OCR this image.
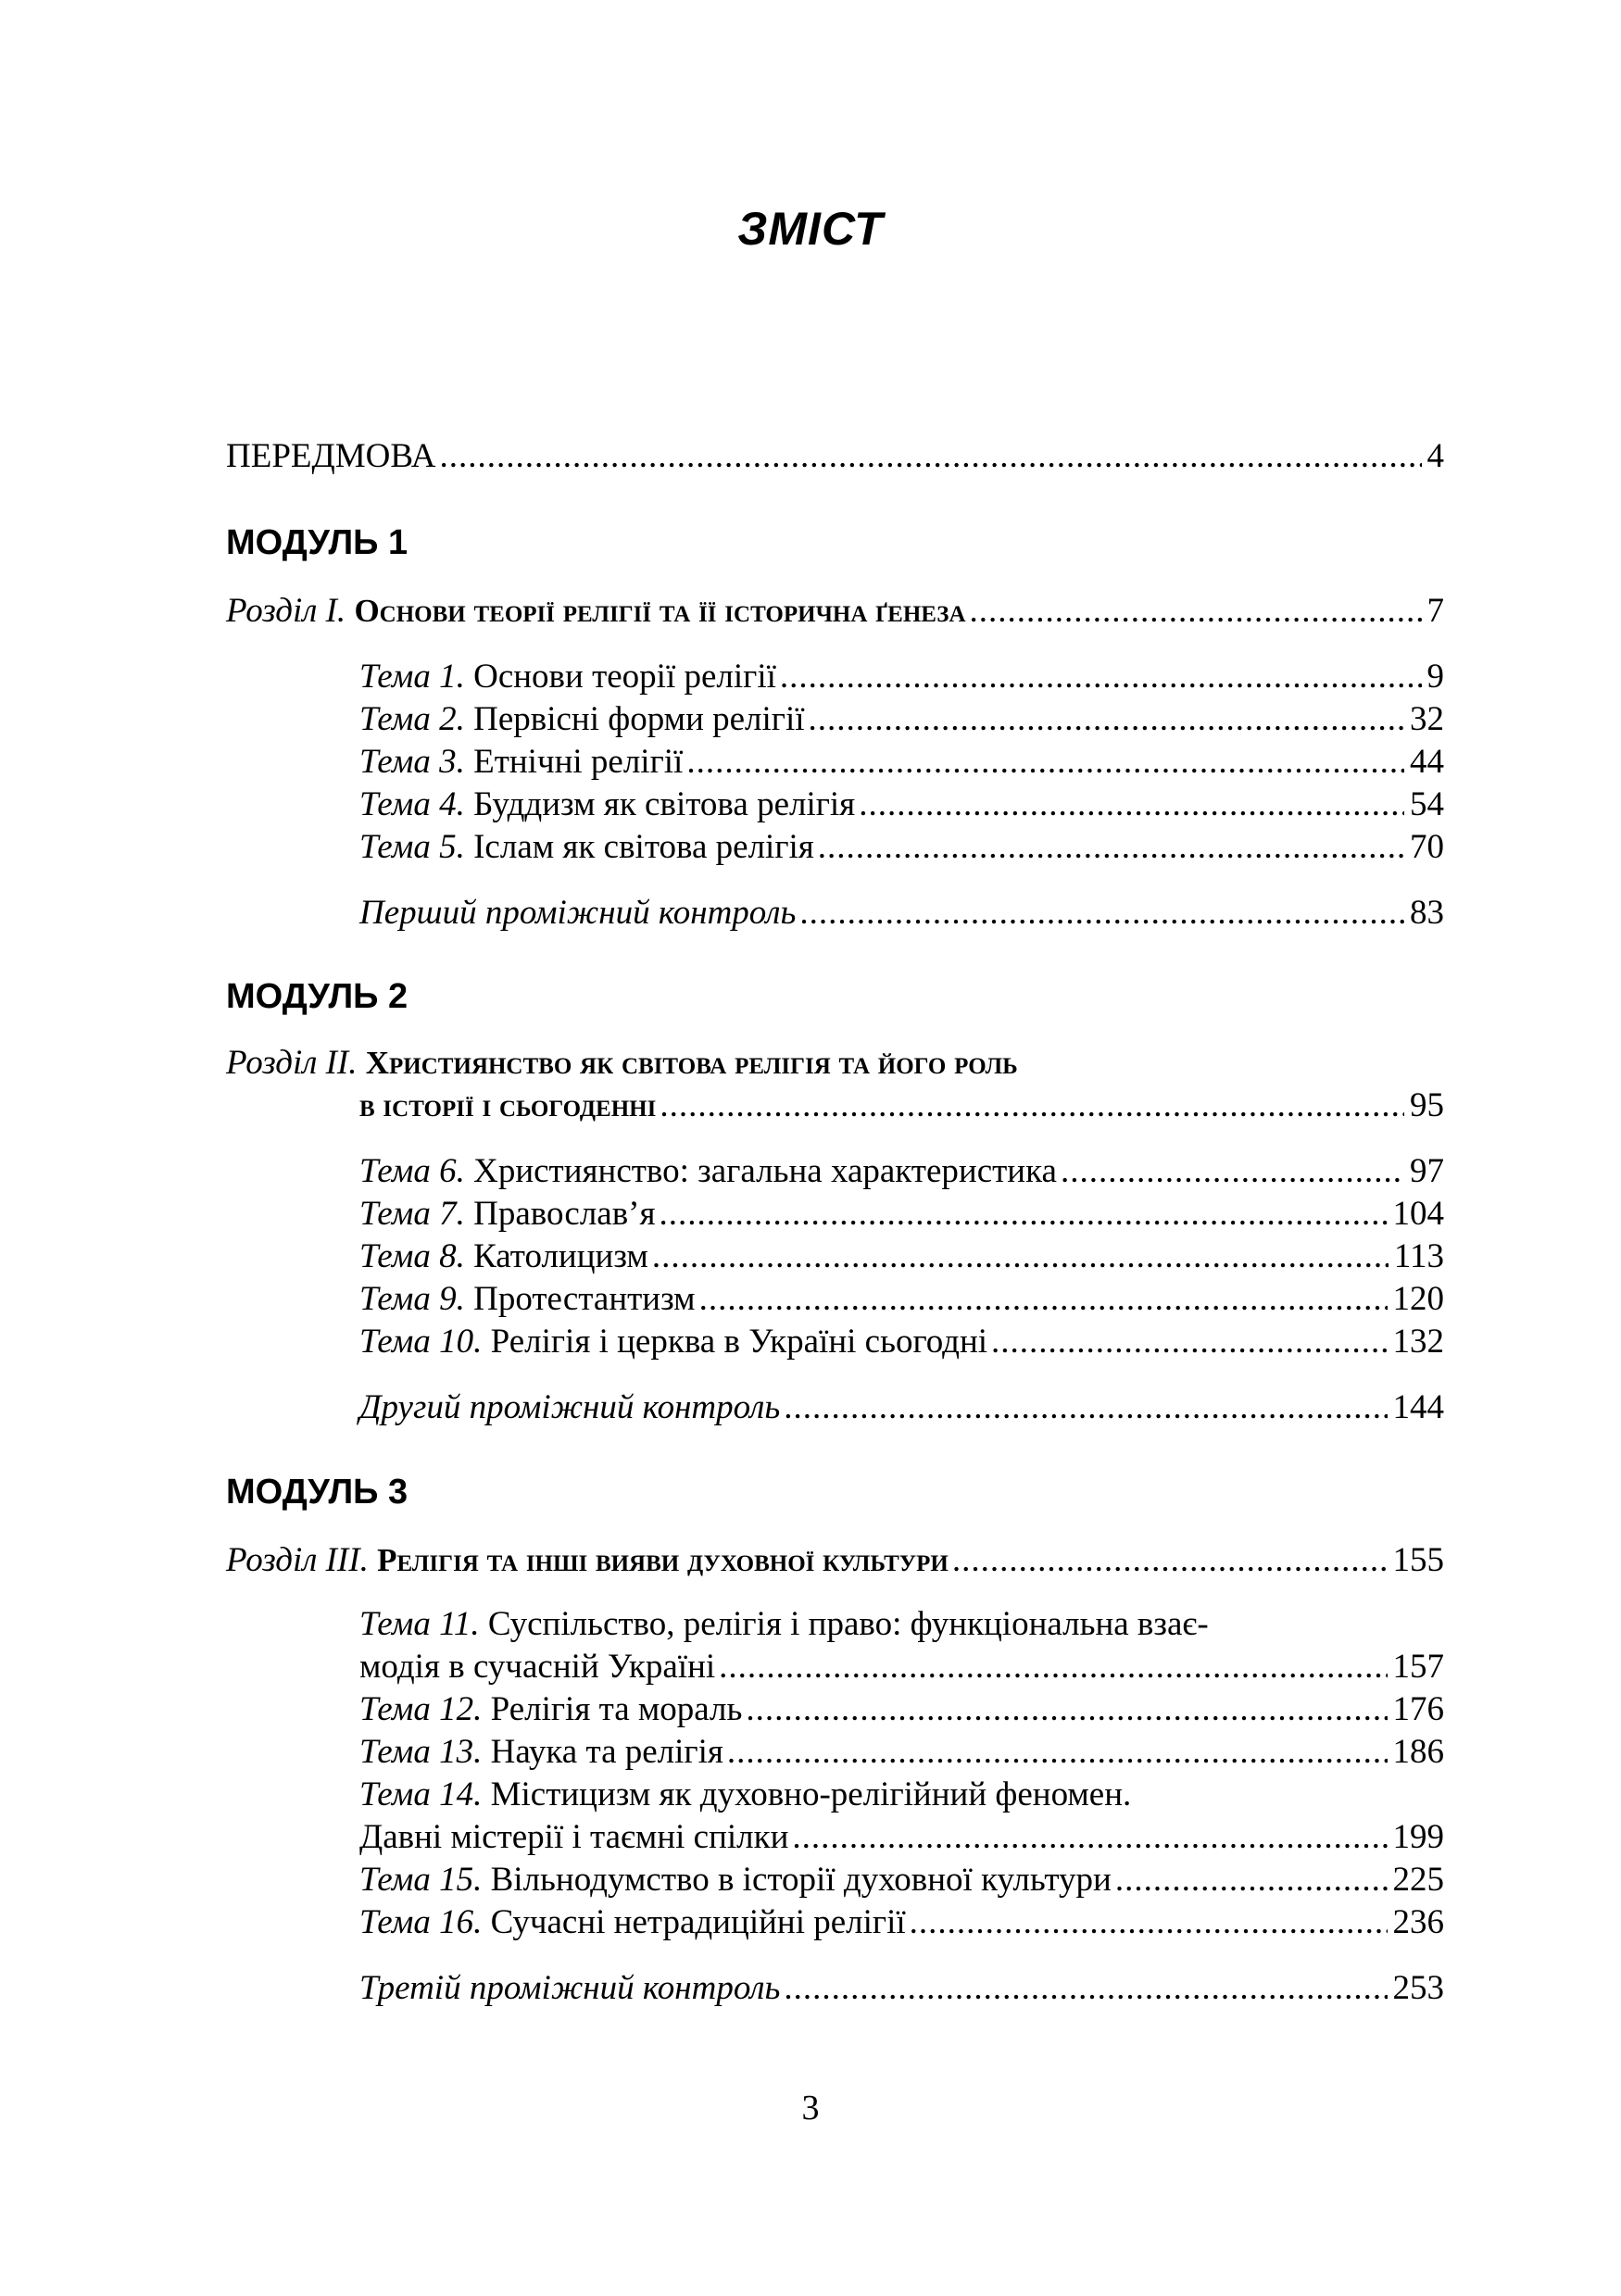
ЗМІСТ
ПЕРЕДМОВА .....	4
МОДУЛЬ 1
Розділ I. Основи теорії релігії та її історична ґенеза .....	7
Тема 1. Основи теорії релігії .....	9
Тема 2. Первісні форми релігії .....	32
Тема 3. Етнічні релігії .....	44
Тема 4. Буддизм як світова релігія .....	54
Тема 5. Іслам як світова релігія .....	70
Перший проміжний контроль .....	83
МОДУЛЬ 2
Розділ II. Християнство як світова релігія та його роль
в історії і сьогоденні .....	95
Тема 6. Християнство: загальна характеристика .....	97
Тема 7. Православ’я .....	104
Тема 8. Католицизм .....	113
Тема 9. Протестантизм .....	120
Тема 10. Релігія і церква в Україні сьогодні .....	132
Другий проміжний контроль .....	144
МОДУЛЬ 3
Розділ III. Релігія та інші вияви духовної культури .....	155
Тема 11. Суспільство, релігія і право: функціональна взає-
модія в сучасній Україні .....	157
Тема 12. Релігія та мораль .....	176
Тема 13. Наука та релігія .....	186
Тема 14. Містицизм як духовно-релігійний феномен.
Давні містерії і таємні спілки .....	199
Тема 15. Вільнодумство в історії духовної культури .....	225
Тема 16. Сучасні нетрадиційні релігії .....	236
Третій проміжний контроль .....	253
3
